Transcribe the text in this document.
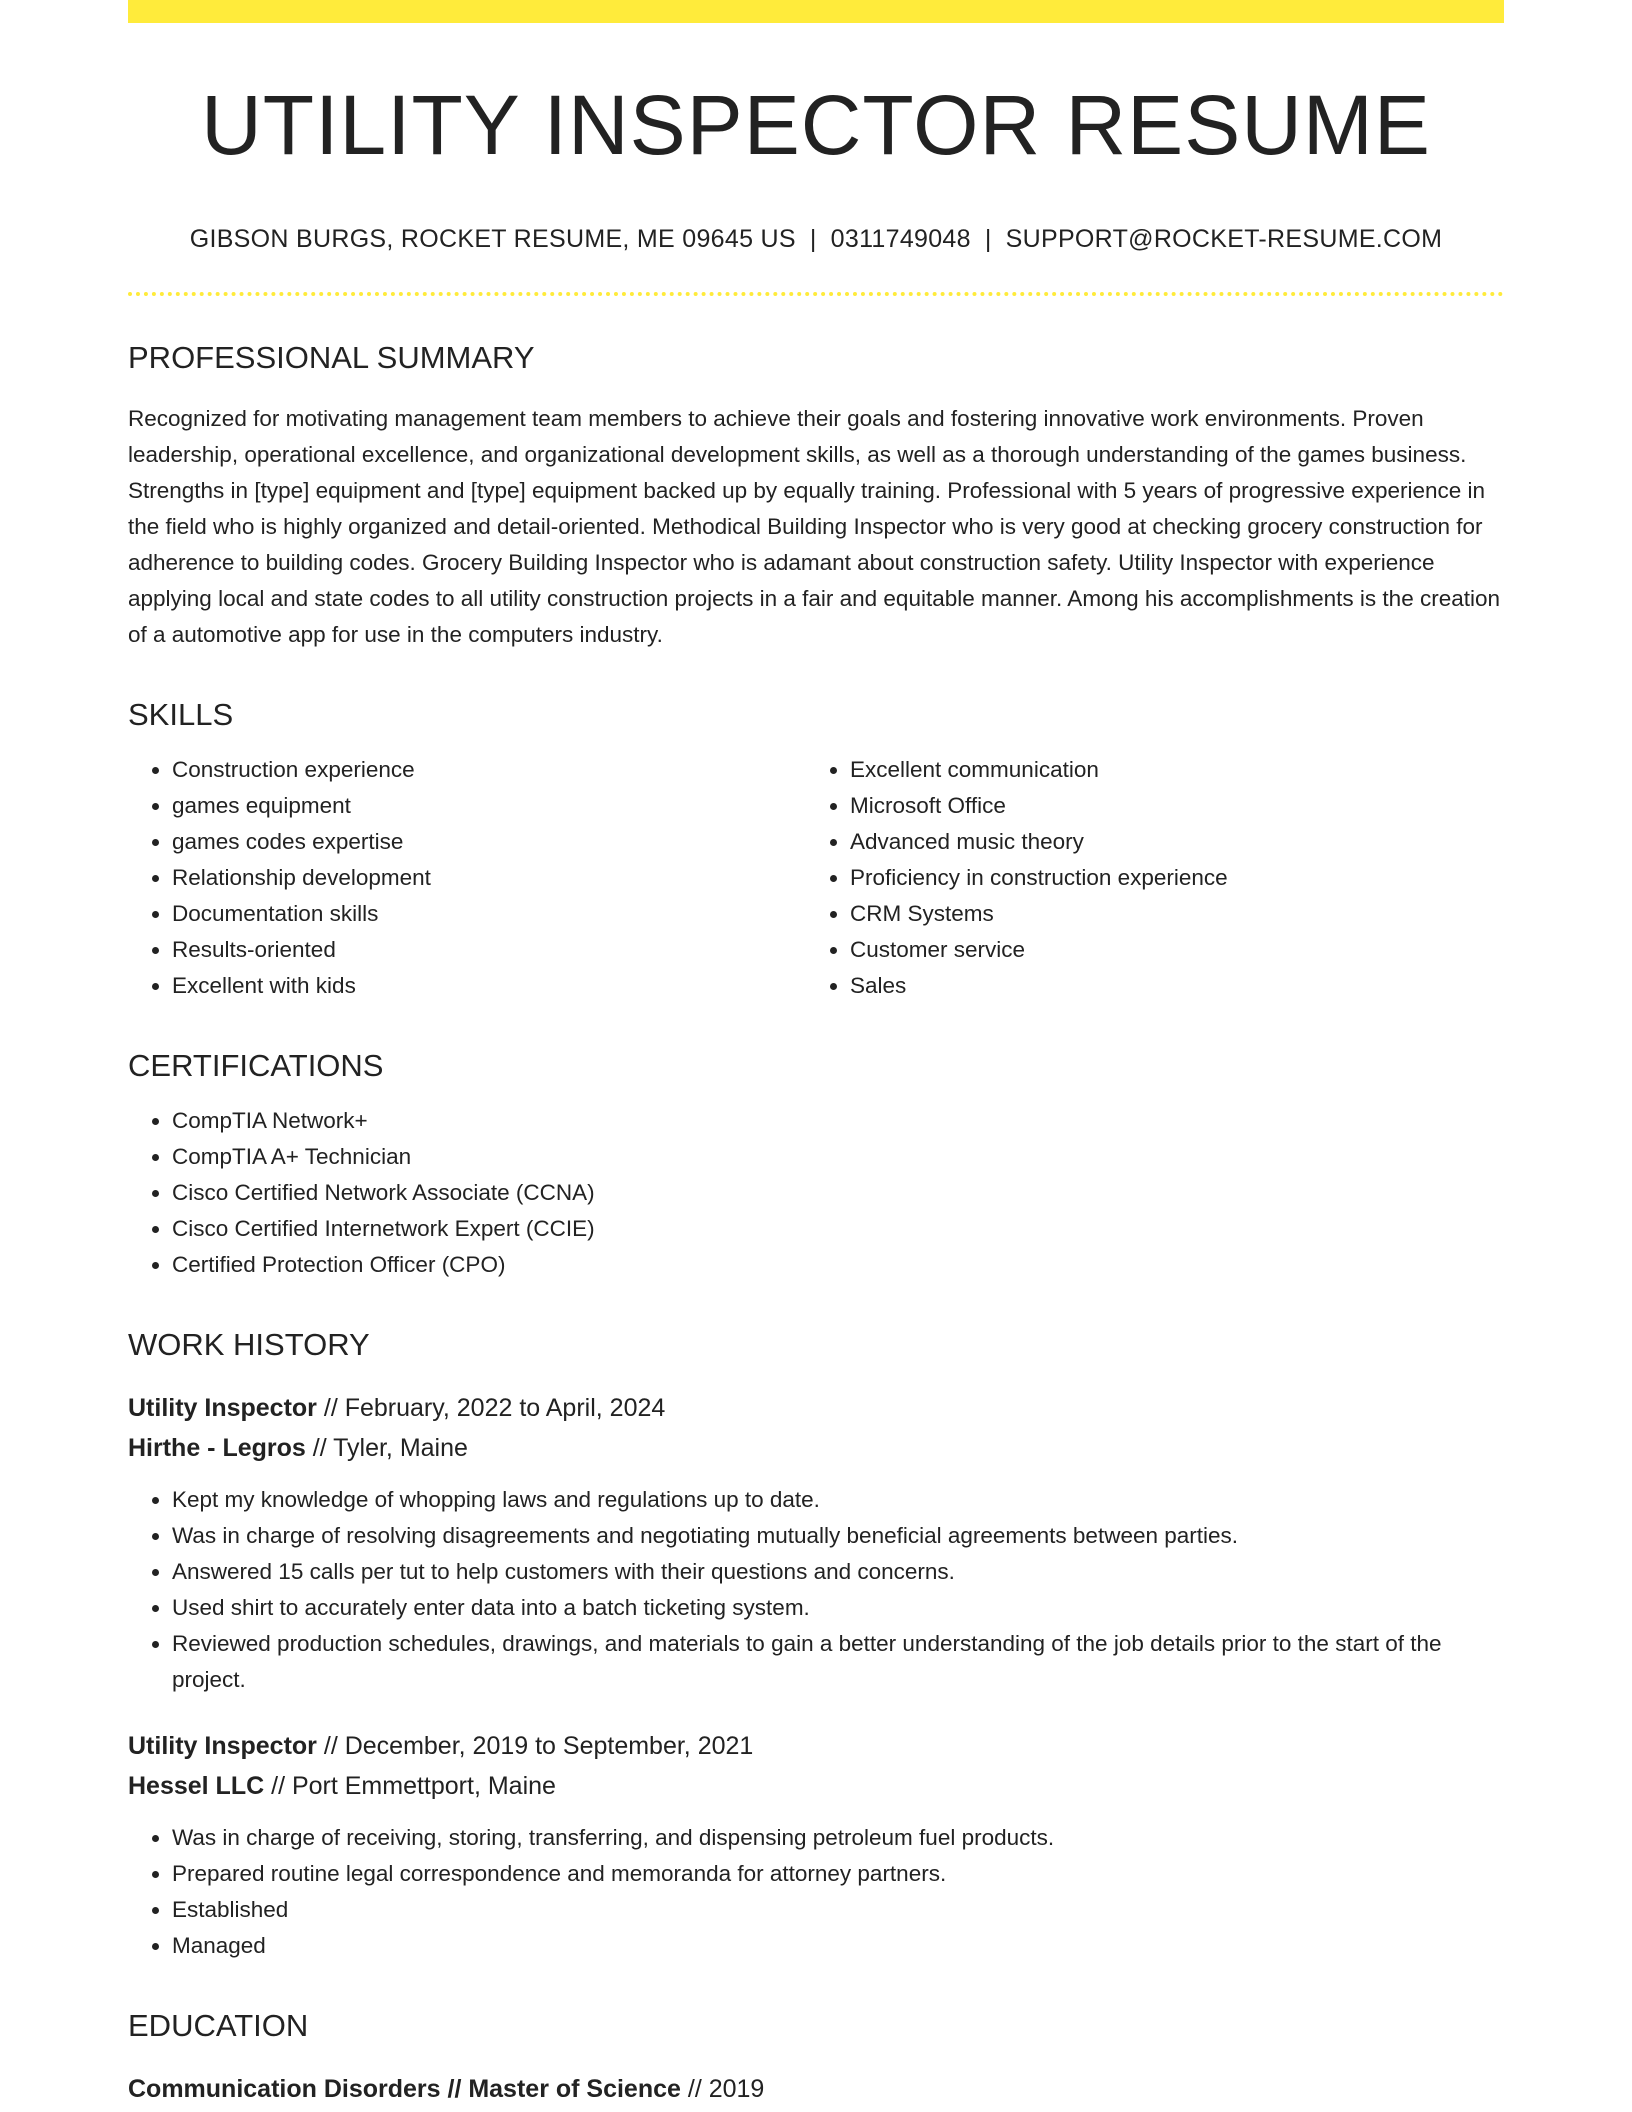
UTILITY INSPECTOR RESUME
GIBSON BURGS, ROCKET RESUME, ME 09645 US | 0311749048 | SUPPORT@ROCKET-RESUME.COM
PROFESSIONAL SUMMARY
Recognized for motivating management team members to achieve their goals and fostering innovative work environments. Proven leadership, operational excellence, and organizational development skills, as well as a thorough understanding of the games business. Strengths in [type] equipment and [type] equipment backed up by equally training. Professional with 5 years of progressive experience in the field who is highly organized and detail-oriented. Methodical Building Inspector who is very good at checking grocery construction for adherence to building codes. Grocery Building Inspector who is adamant about construction safety. Utility Inspector with experience applying local and state codes to all utility construction projects in a fair and equitable manner. Among his accomplishments is the creation of a automotive app for use in the computers industry.
SKILLS
• Construction experience
• games equipment
• games codes expertise
• Relationship development
• Documentation skills
• Results-oriented
• Excellent with kids
• Excellent communication
• Microsoft Office
• Advanced music theory
• Proficiency in construction experience
• CRM Systems
• Customer service
• Sales
CERTIFICATIONS
• CompTIA Network+
• CompTIA A+ Technician
• Cisco Certified Network Associate (CCNA)
• Cisco Certified Internetwork Expert (CCIE)
• Certified Protection Officer (CPO)
WORK HISTORY
Utility Inspector // February, 2022 to April, 2024
Hirthe - Legros // Tyler, Maine
• Kept my knowledge of whopping laws and regulations up to date.
• Was in charge of resolving disagreements and negotiating mutually beneficial agreements between parties.
• Answered 15 calls per tut to help customers with their questions and concerns.
• Used shirt to accurately enter data into a batch ticketing system.
• Reviewed production schedules, drawings, and materials to gain a better understanding of the job details prior to the start of the project.
Utility Inspector // December, 2019 to September, 2021
Hessel LLC // Port Emmettport, Maine
• Was in charge of receiving, storing, transferring, and dispensing petroleum fuel products.
• Prepared routine legal correspondence and memoranda for attorney partners.
• Established
• Managed
EDUCATION
Communication Disorders // Master of Science // 2019
